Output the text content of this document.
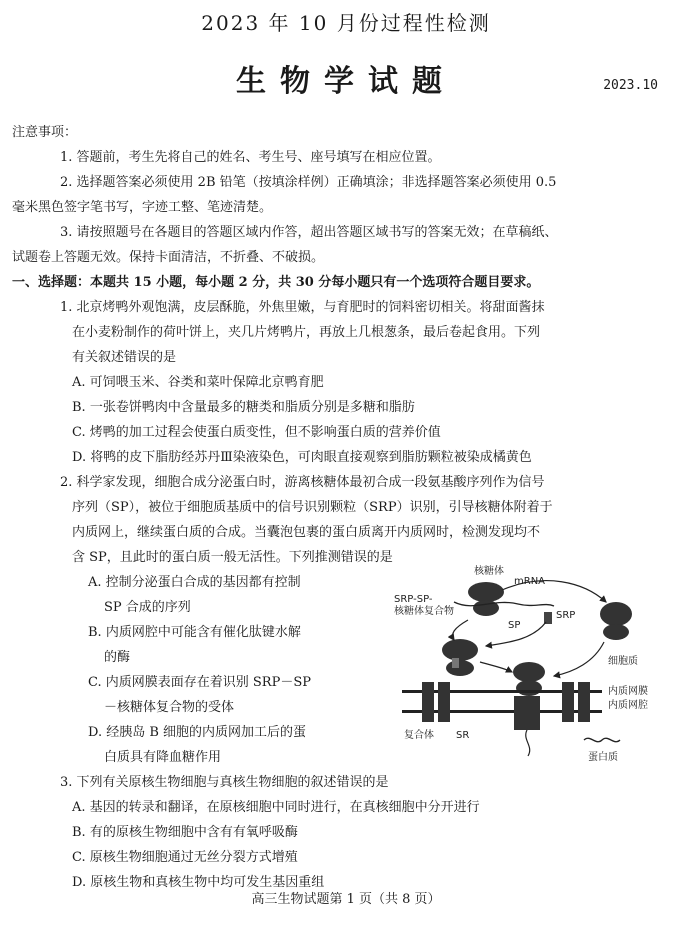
2023 年 10 月份过程性检测
生物学试题	2023.10
注意事项：
1. 答题前，考生先将自己的姓名、考生号、座号填写在相应位置。
2. 选择题答案必须使用 2B 铅笔（按填涂样例）正确填涂；非选择题答案必须使用 0.5
毫米黑色签字笔书写，字迹工整、笔迹清楚。
3. 请按照题号在各题目的答题区域内作答，超出答题区域书写的答案无效；在草稿纸、
试题卷上答题无效。保持卡面清洁，不折叠、不破损。
一、选择题：本题共 15 小题，每小题 2 分，共 30 分每小题只有一个选项符合题目要求。
1. 北京烤鸭外观饱满，皮层酥脆，外焦里嫩，与育肥时的饲料密切相关。将甜面酱抹
在小麦粉制作的荷叶饼上，夹几片烤鸭片，再放上几根葱条，最后卷起食用。下列
有关叙述错误的是
A. 可饲喂玉米、谷类和菜叶保障北京鸭育肥
B. 一张卷饼鸭肉中含量最多的糖类和脂质分别是多糖和脂肪
C. 烤鸭的加工过程会使蛋白质变性，但不影响蛋白质的营养价值
D. 将鸭的皮下脂肪经苏丹Ⅲ染液染色，可肉眼直接观察到脂肪颗粒被染成橘黄色
2. 科学家发现，细胞合成分泌蛋白时，游离核糖体最初合成一段氨基酸序列作为信号
序列（SP），被位于细胞质基质中的信号识别颗粒（SRP）识别，引导核糖体附着于
内质网上，继续蛋白质的合成。当囊泡包裹的蛋白质离开内质网时，检测发现均不
含 SP，且此时的蛋白质一般无活性。下列推测错误的是
A. 控制分泌蛋白合成的基因都有控制
SP 合成的序列
B. 内质网腔中可能含有催化肽键水解
的酶
C. 内质网膜表面存在着识别 SRP－SP
－核糖体复合物的受体
D. 经胰岛 B 细胞的内质网加工后的蛋
白质具有降血糖作用
核糖体
mRNA
SRP-SP-
核糖体复合物
SP
SRP
细胞质
内质网膜
内质网腔
复合体 SR
蛋白质
3. 下列有关原核生物细胞与真核生物细胞的叙述错误的是
A. 基因的转录和翻译，在原核细胞中同时进行，在真核细胞中分开进行
B. 有的原核生物细胞中含有有氧呼吸酶
C. 原核生物细胞通过无丝分裂方式增殖
D. 原核生物和真核生物中均可发生基因重组
高三生物试题第 1 页（共 8 页）
